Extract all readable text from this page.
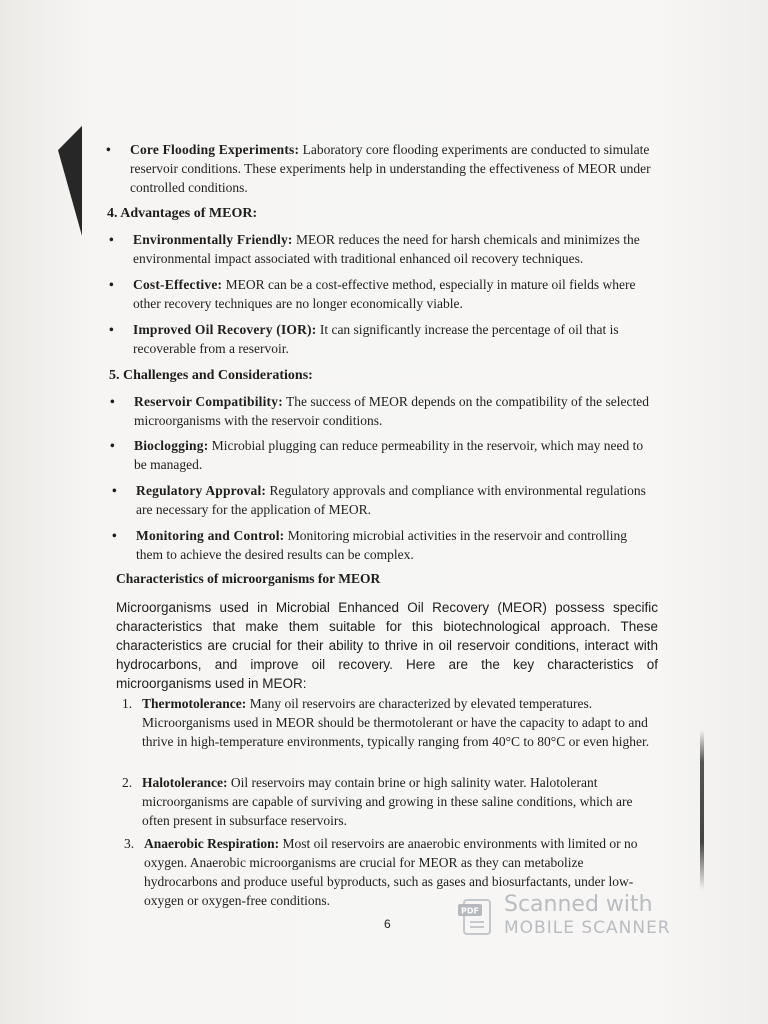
• Core Flooding Experiments: Laboratory core flooding experiments are conducted to simulate reservoir conditions. These experiments help in understanding the effectiveness of MEOR under controlled conditions.
4. Advantages of MEOR:
• Environmentally Friendly: MEOR reduces the need for harsh chemicals and minimizes the environmental impact associated with traditional enhanced oil recovery techniques.
• Cost-Effective: MEOR can be a cost-effective method, especially in mature oil fields where other recovery techniques are no longer economically viable.
• Improved Oil Recovery (IOR): It can significantly increase the percentage of oil that is recoverable from a reservoir.
5. Challenges and Considerations:
• Reservoir Compatibility: The success of MEOR depends on the compatibility of the selected microorganisms with the reservoir conditions.
• Bioclogging: Microbial plugging can reduce permeability in the reservoir, which may need to be managed.
• Regulatory Approval: Regulatory approvals and compliance with environmental regulations are necessary for the application of MEOR.
• Monitoring and Control: Monitoring microbial activities in the reservoir and controlling them to achieve the desired results can be complex.
Characteristics of microorganisms for MEOR
Microorganisms used in Microbial Enhanced Oil Recovery (MEOR) possess specific characteristics that make them suitable for this biotechnological approach. These characteristics are crucial for their ability to thrive in oil reservoir conditions, interact with hydrocarbons, and improve oil recovery. Here are the key characteristics of microorganisms used in MEOR:
1. Thermotolerance: Many oil reservoirs are characterized by elevated temperatures. Microorganisms used in MEOR should be thermotolerant or have the capacity to adapt to and thrive in high-temperature environments, typically ranging from 40°C to 80°C or even higher.
2. Halotolerance: Oil reservoirs may contain brine or high salinity water. Halotolerant microorganisms are capable of surviving and growing in these saline conditions, which are often present in subsurface reservoirs.
3. Anaerobic Respiration: Most oil reservoirs are anaerobic environments with limited or no oxygen. Anaerobic microorganisms are crucial for MEOR as they can metabolize hydrocarbons and produce useful byproducts, such as gases and biosurfactants, under low-oxygen or oxygen-free conditions.
6
PDF Scanned with
MOBILE SCANNER
